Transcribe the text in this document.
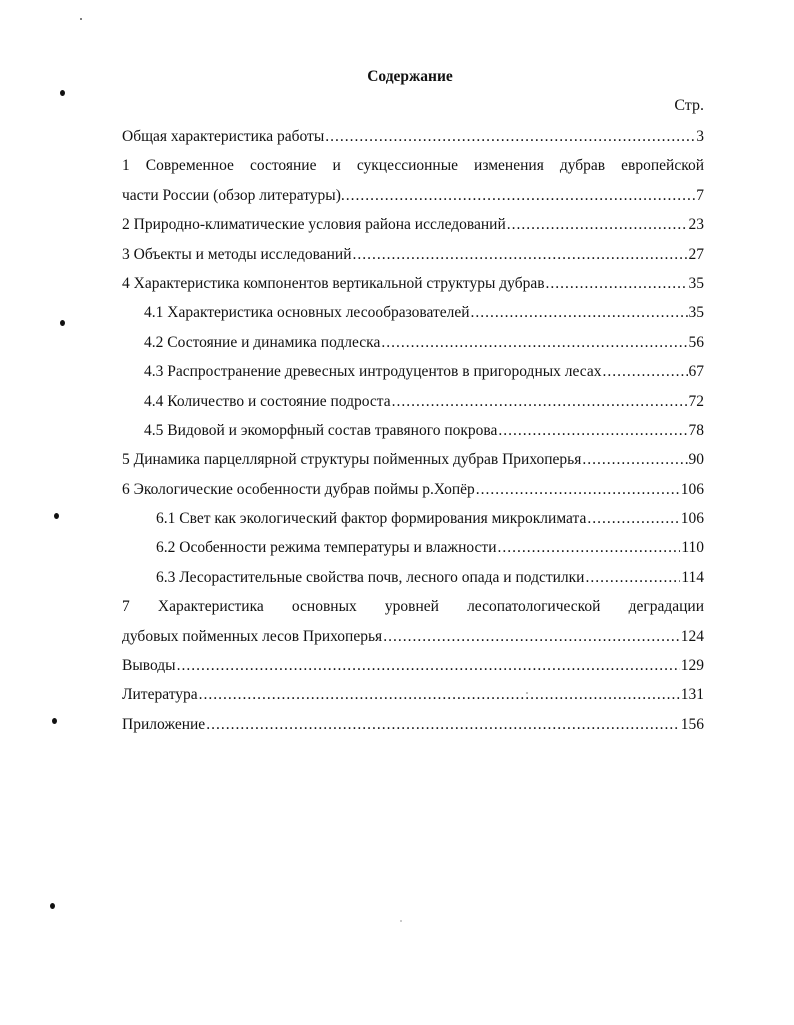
Содержание
Стр.
Общая характеристика работы .....	3
1 Современное состояние и сукцессионные изменения дубрав европейской
части России (обзор литературы). .....	7
2 Природно-климатические условия района исследований .....	23
3 Объекты и методы исследований .....	27
4 Характеристика компонентов вертикальной структуры дубрав .....	35
4.1 Характеристика основных лесообразователей .....	35
4.2 Состояние и динамика подлеска .....	56
4.3 Распространение древесных интродуцентов в пригородных лесах .....	67
4.4 Количество и состояние подроста .....	72
4.5 Видовой и экоморфный состав травяного покрова .....	78
5 Динамика парцеллярной структуры пойменных дубрав Прихоперья .....	90
6 Экологические особенности дубрав поймы р.Хопёр .....	106
6.1 Свет как экологический фактор формирования микроклимата .....	106
6.2 Особенности режима температуры и влажности .....	110
6.3 Лесорастительные свойства почв, лесного опада и подстилки .....	114
7 Характеристика основных уровней лесопатологической деградации
дубовых пойменных лесов Прихоперья .....	124
Выводы .....	129
Литература .....	131
Приложение .....	156
